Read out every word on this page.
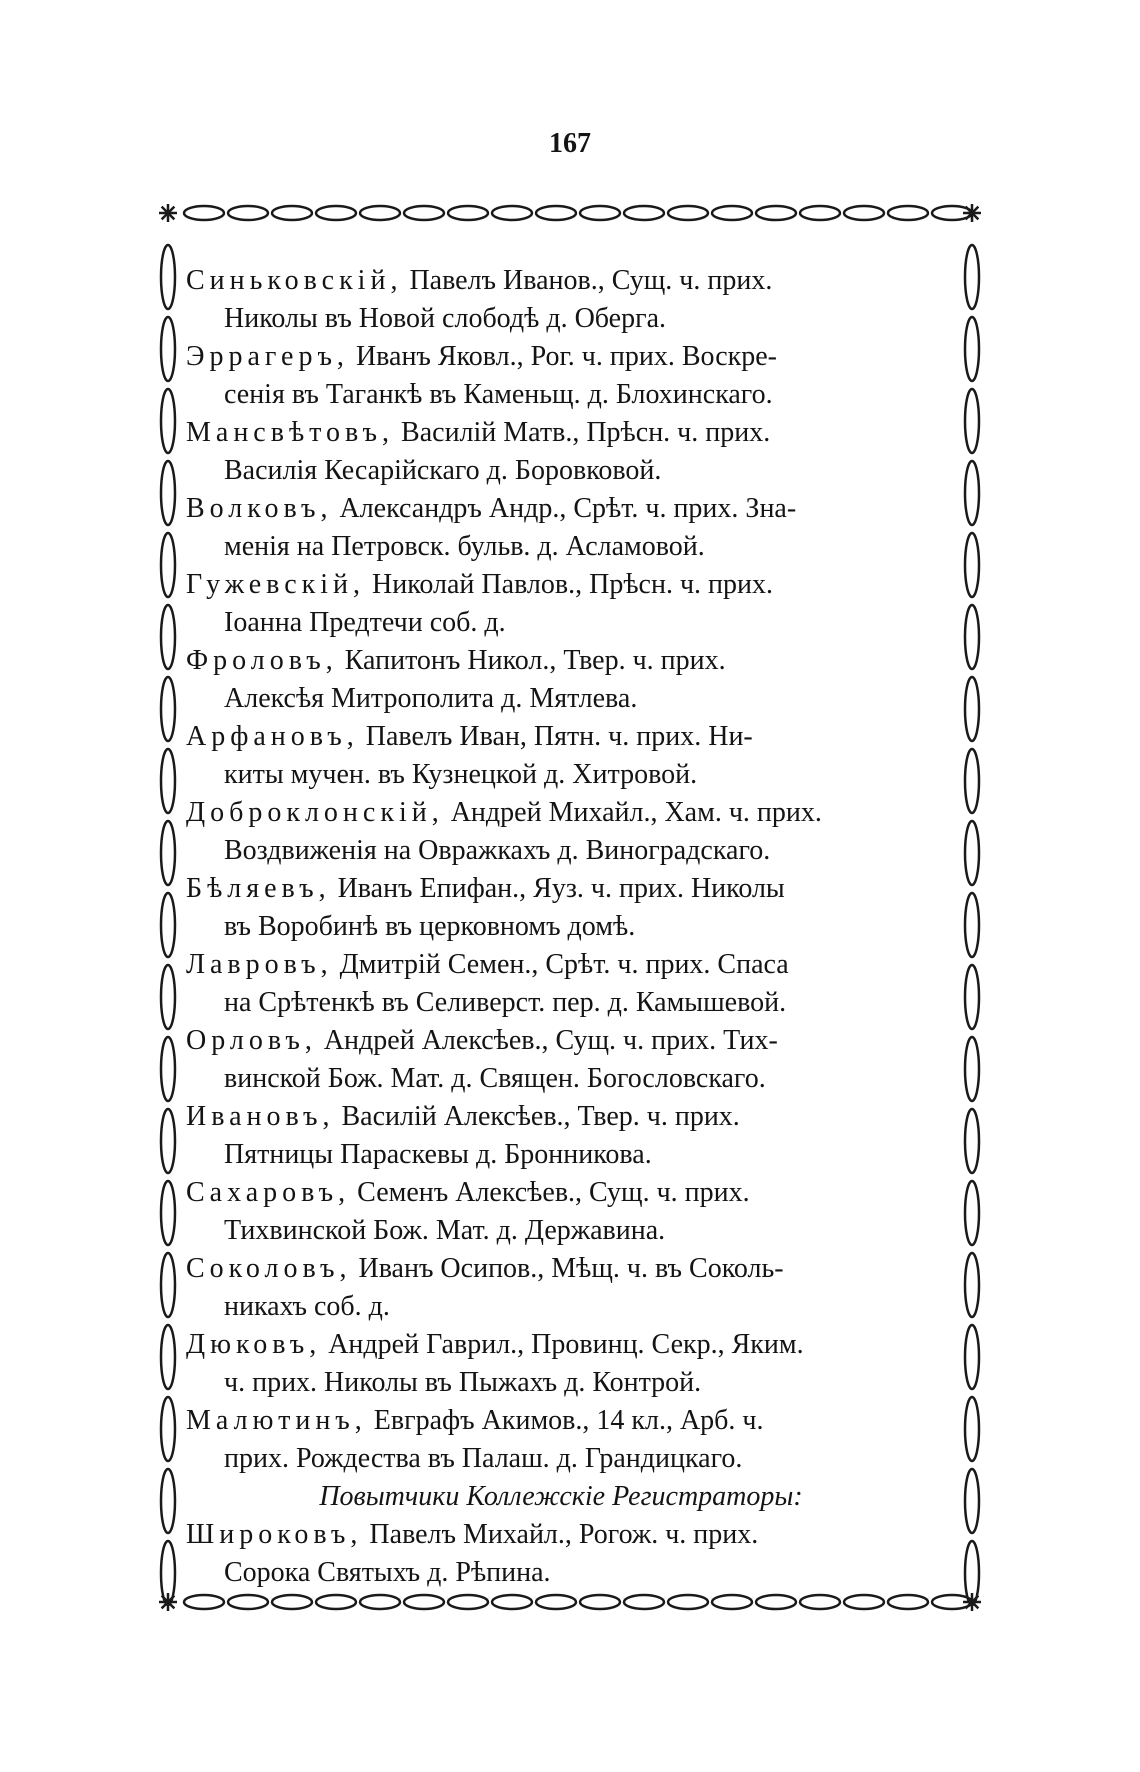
167
Синьковскій, Павелъ Иванов., Сущ. ч. прих.
Николы въ Новой слободѣ д. Оберга.
Эррагеръ, Иванъ Яковл., Рог. ч. прих. Воскре-
сенія въ Таганкѣ въ Каменьщ. д. Блохинскаго.
Мансвѣтовъ, Василій Матв., Прѣсн. ч. прих.
Василія Кесарійскаго д. Боровковой.
Волковъ, Александръ Андр., Срѣт. ч. прих. Зна-
менія на Петровск. бульв. д. Асламовой.
Гужевскій, Николай Павлов., Прѣсн. ч. прих.
Іоанна Предтечи соб. д.
Фроловъ, Капитонъ Никол., Твер. ч. прих.
Алексѣя Митрополита д. Мятлева.
Арфановъ, Павелъ Иван, Пятн. ч. прих. Ни-
киты мучен. въ Кузнецкой д. Хитровой.
Доброклонскій, Андрей Михайл., Хам. ч. прих.
Воздвиженія на Овражкахъ д. Виноградскаго.
Бѣляевъ, Иванъ Епифан., Яуз. ч. прих. Николы
въ Воробинѣ въ церковномъ домѣ.
Лавровъ, Дмитрій Семен., Срѣт. ч. прих. Спаса
на Срѣтенкѣ въ Селиверст. пер. д. Камышевой.
Орловъ, Андрей Алексѣев., Сущ. ч. прих. Тих-
винской Бож. Мат. д. Священ. Богословскаго.
Ивановъ, Василій Алексѣев., Твер. ч. прих.
Пятницы Параскевы д. Бронникова.
Сахаровъ, Семенъ Алексѣев., Сущ. ч. прих.
Тихвинской Бож. Мат. д. Державина.
Соколовъ, Иванъ Осипов., Мѣщ. ч. въ Соколь-
никахъ соб. д.
Дюковъ, Андрей Гаврил., Провинц. Секр., Яким.
ч. прих. Николы въ Пыжахъ д. Контрой.
Малютинъ, Евграфъ Акимов., 14 кл., Арб. ч.
прих. Рождества въ Палаш. д. Грандицкаго.
Повытчики Коллежскіе Регистраторы:
Широковъ, Павелъ Михайл., Рогож. ч. прих.
Сорока Святыхъ д. Рѣпина.
